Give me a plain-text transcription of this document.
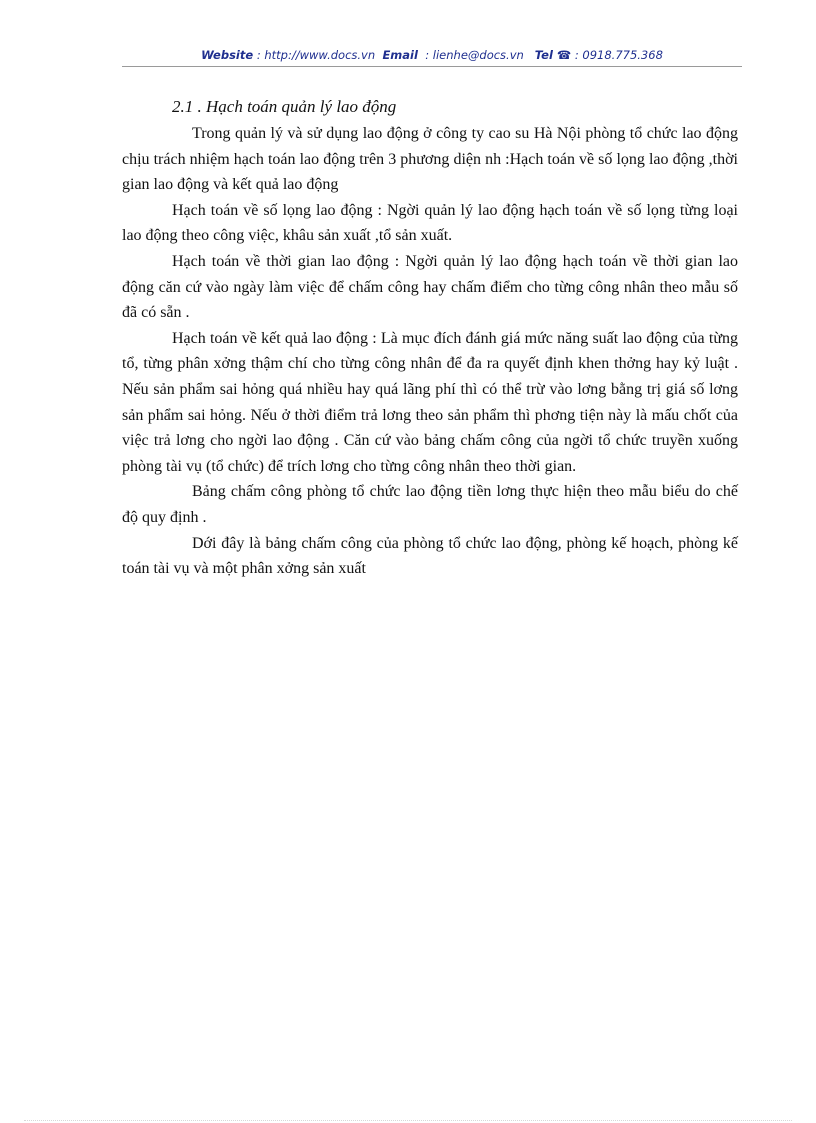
Website : http://www.docs.vn Email : lienhe@docs.vn Tel ☎ : 0918.775.368
2.1 . Hạch toán quản lý lao động

Trong quản lý và sử dụng lao động ở công ty cao su Hà Nội phòng tổ chức lao động chịu trách nhiệm hạch toán lao động trên 3 phương diện nh :Hạch toán về số lọng lao động ,thời gian lao động và kết quả lao động

Hạch toán về số lọng lao động : Ngời quản lý lao động hạch toán về số lọng từng loại lao động theo công việc, khâu sản xuất ,tổ sản xuất.

Hạch toán về thời gian lao động : Ngời quản lý lao động hạch toán về thời gian lao động căn cứ vào ngày làm việc để chấm công hay chấm điểm cho từng công nhân theo mẫu số đã có sẵn .

Hạch toán về kết quả lao động : Là mục đích đánh giá mức năng suất lao động của từng tổ, từng phân xởng thậm chí cho từng công nhân để đa ra quyết định khen thởng hay kỷ luật . Nếu sản phẩm sai hỏng quá nhiều hay quá lãng phí thì có thể trừ vào lơng bằng trị giá số lơng sản phẩm sai hỏng. Nếu ở thời điểm trả lơng theo sản phẩm thì phơng tiện này là mấu chốt của việc trả lơng cho ngời lao động . Căn cứ vào bảng chấm công của ngời tổ chức truyền xuống phòng tài vụ (tổ chức) để trích lơng cho từng công nhân theo thời gian.

Bảng chấm công phòng tổ chức lao động tiền lơng thực hiện theo mẫu biểu do chế độ quy định .

Dới đây là bảng chấm công của phòng tổ chức lao động, phòng kế hoạch, phòng kế toán tài vụ và một phân xởng sản xuất
